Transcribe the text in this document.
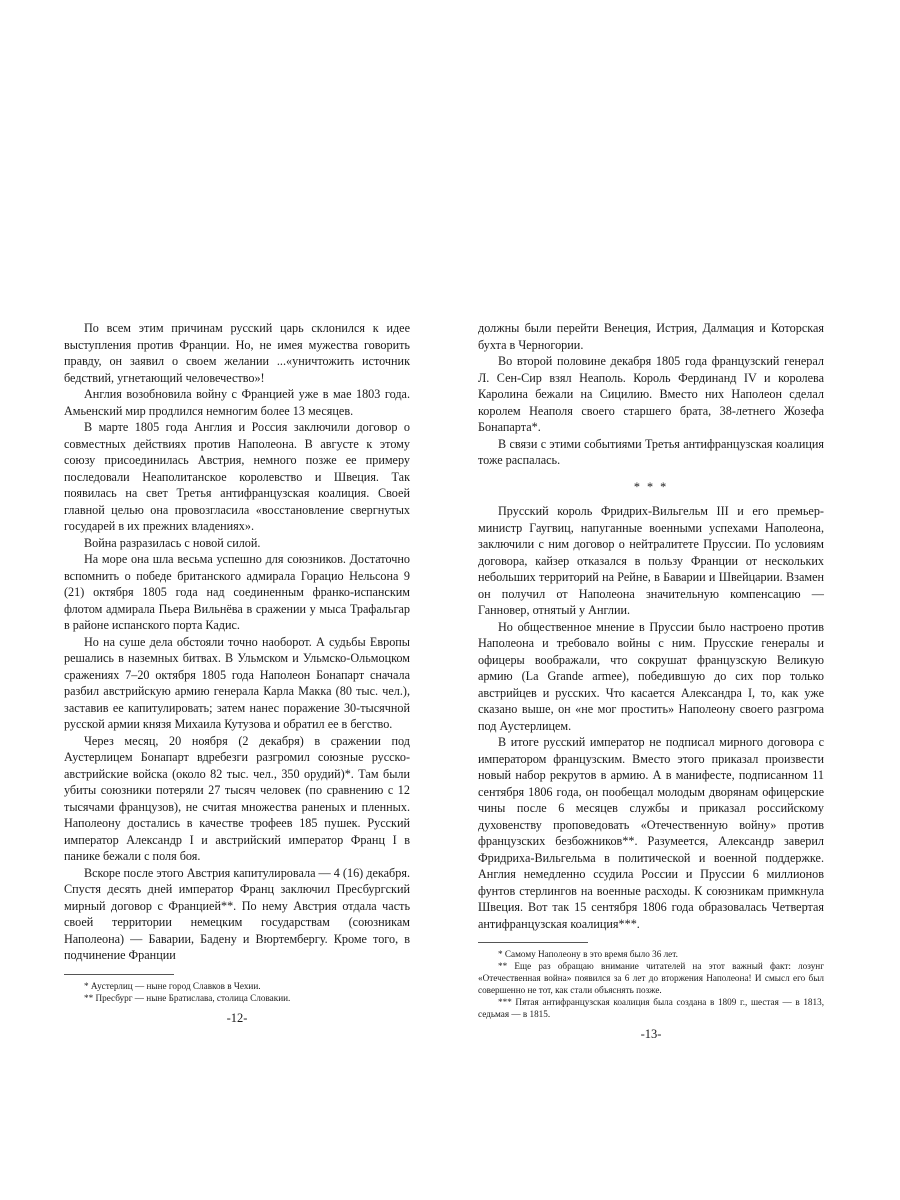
По всем этим причинам русский царь склонился к идее выступления против Франции. Но, не имея мужества говорить правду, он заявил о своем желании ...«уничтожить источник бедствий, угнетающий человечество»!

Англия возобновила войну с Францией уже в мае 1803 года. Амьенский мир продлился немногим более 13 месяцев.

В марте 1805 года Англия и Россия заключили договор о совместных действиях против Наполеона. В августе к этому союзу присоединилась Австрия, немного позже ее примеру последовали Неаполитанское королевство и Швеция. Так появилась на свет Третья антифранцузская коалиция. Своей главной целью она провозгласила «восстановление свергнутых государей в их прежних владениях».

Война разразилась с новой силой.

На море она шла весьма успешно для союзников. Достаточно вспомнить о победе британского адмирала Горацио Нельсона 9 (21) октября 1805 года над соединенным франко-испанским флотом адмирала Пьера Вильнёва в сражении у мыса Трафальгар в районе испанского порта Кадис.

Но на суше дела обстояли точно наоборот. А судьбы Европы решались в наземных битвах. В Ульмском и Ульмско-Ольмоцком сражениях 7–20 октября 1805 года Наполеон Бонапарт сначала разбил австрийскую армию генерала Карла Макка (80 тыс. чел.), заставив ее капитулировать; затем нанес поражение 30-тысячной русской армии князя Михаила Кутузова и обратил ее в бегство.

Через месяц, 20 ноября (2 декабря) в сражении под Аустерлицем Бонапарт вдребезги разгромил союзные русско-австрийские войска (около 82 тыс. чел., 350 орудий)*. Там были убиты союзники потеряли 27 тысяч человек (по сравнению с 12 тысячами французов), не считая множества раненых и пленных. Наполеону достались в качестве трофеев 185 пушек. Русский император Александр I и австрийский император Франц I в панике бежали с поля боя.

Вскоре после этого Австрия капитулировала — 4 (16) декабря. Спустя десять дней император Франц заключил Пресбургский мирный договор с Францией**. По нему Австрия отдала часть своей территории немецким государствам (союзникам Наполеона) — Баварии, Бадену и Вюртембергу. Кроме того, в подчинение Франции

* Аустерлиц — ныне город Славков в Чехии.

** Пресбург — ныне Братислава, столица Словакии.

-12-

должны были перейти Венеция, Истрия, Далмация и Которская бухта в Черногории.

Во второй половине декабря 1805 года французский генерал Л. Сен-Сир взял Неаполь. Король Фердинанд IV и королева Каролина бежали на Сицилию. Вместо них Наполеон сделал королем Неаполя своего старшего брата, 38-летнего Жозефа Бонапарта*.

В связи с этими событиями Третья антифранцузская коалиция тоже распалась.

* * *

Прусский король Фридрих-Вильгельм III и его премьер-министр Гаугвиц, напуганные военными успехами Наполеона, заключили с ним договор о нейтралитете Пруссии. По условиям договора, кайзер отказался в пользу Франции от нескольких небольших территорий на Рейне, в Баварии и Швейцарии. Взамен он получил от Наполеона значительную компенсацию — Ганновер, отнятый у Англии.

Но общественное мнение в Пруссии было настроено против Наполеона и требовало войны с ним. Прусские генералы и офицеры воображали, что сокрушат французскую Великую армию (La Grande armee), победившую до сих пор только австрийцев и русских. Что касается Александра I, то, как уже сказано выше, он «не мог простить» Наполеону своего разгрома под Аустерлицем.

В итоге русский император не подписал мирного договора с императором французским. Вместо этого приказал произвести новый набор рекрутов в армию. А в манифесте, подписанном 11 сентября 1806 года, он пообещал молодым дворянам офицерские чины после 6 месяцев службы и приказал российскому духовенству проповедовать «Отечественную войну» против французских безбожников**. Разумеется, Александр заверил Фридриха-Вильгельма в политической и военной поддержке. Англия немедленно ссудила России и Пруссии 6 миллионов фунтов стерлингов на военные расходы. К союзникам примкнула Швеция. Вот так 15 сентября 1806 года образовалась Четвертая антифранцузская коалиция***.

* Самому Наполеону в это время было 36 лет.

** Еще раз обращаю внимание читателей на этот важный факт: лозунг «Отечественная война» появился за 6 лет до вторжения Наполеона! И смысл его был совершенно не тот, как стали объяснять позже.

*** Пятая антифранцузская коалиция была создана в 1809 г., шестая — в 1813, седьмая — в 1815.

-13-
